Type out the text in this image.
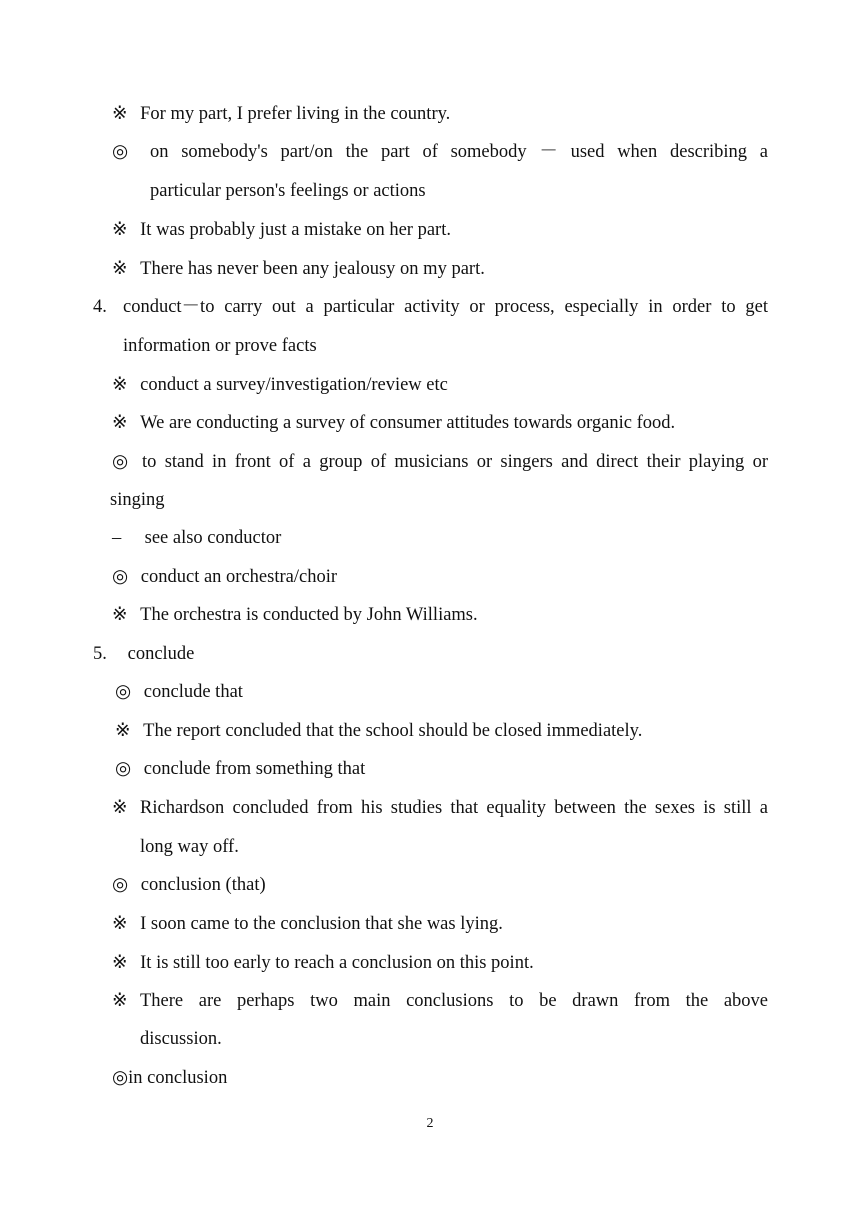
※ For my part, I prefer living in the country.
◎	on somebody's part/on the part of somebody － used when describing a
particular person's feelings or actions
※ It was probably just a mistake on her part.
※ There has never been any jealousy on my part.
4. conduct－to carry out a particular activity or process, especially in order to get
information or prove facts
※ conduct a survey/investigation/review etc
※ We are conducting a survey of consumer attitudes towards organic food.
◎ to stand in front of a group of musicians or singers and direct their playing or
singing
– see also conductor
◎ conduct an orchestra/choir
※ The orchestra is conducted by John Williams.
5. conclude
◎ conclude that
※ The report concluded that the school should be closed immediately.
◎ conclude from something that
※ Richardson concluded from his studies that equality between the sexes is still a
long way off.
◎ conclusion (that)
※ I soon came to the conclusion that she was lying.
※ It is still too early to reach a conclusion on this point.
※ There are perhaps two main conclusions to be drawn from the above
discussion.
◎in conclusion
2
